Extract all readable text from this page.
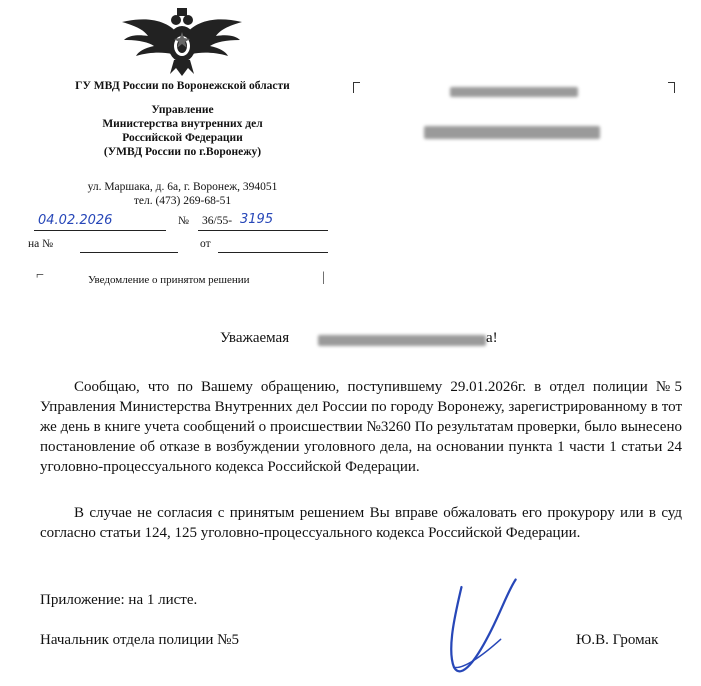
ГУ МВД России по Воронежской области
Управление
Министерства внутренних дел
Российской Федерации
(УМВД России по г.Воронежу)
ул. Маршака, д. 6а, г. Воронеж, 394051
тел. (473) 269-68-51
04.02.2026	№ 36/55- 3195
на №	от
⌐	Уведомление о принятом решении	|
Уважаемая	а!
Сообщаю, что по Вашему обращению, поступившему 29.01.2026г. в отдел полиции №5 Управления Министерства Внутренних дел России по городу Воронежу, зарегистрированному в тот же день в книге учета сообщений о происшествии №3260 По результатам проверки, было вынесено постановление об отказе в возбуждении уголовного дела, на основании пункта 1 части 1 статьи 24 уголовно-процессуального кодекса Российской Федерации.
В случае не согласия с принятым решением Вы вправе обжаловать его прокурору или в суд согласно статьи 124, 125 уголовно-процессуального кодекса Российской Федерации.
Приложение: на 1 листе.
Начальник отдела полиции №5	Ю.В. Громак
